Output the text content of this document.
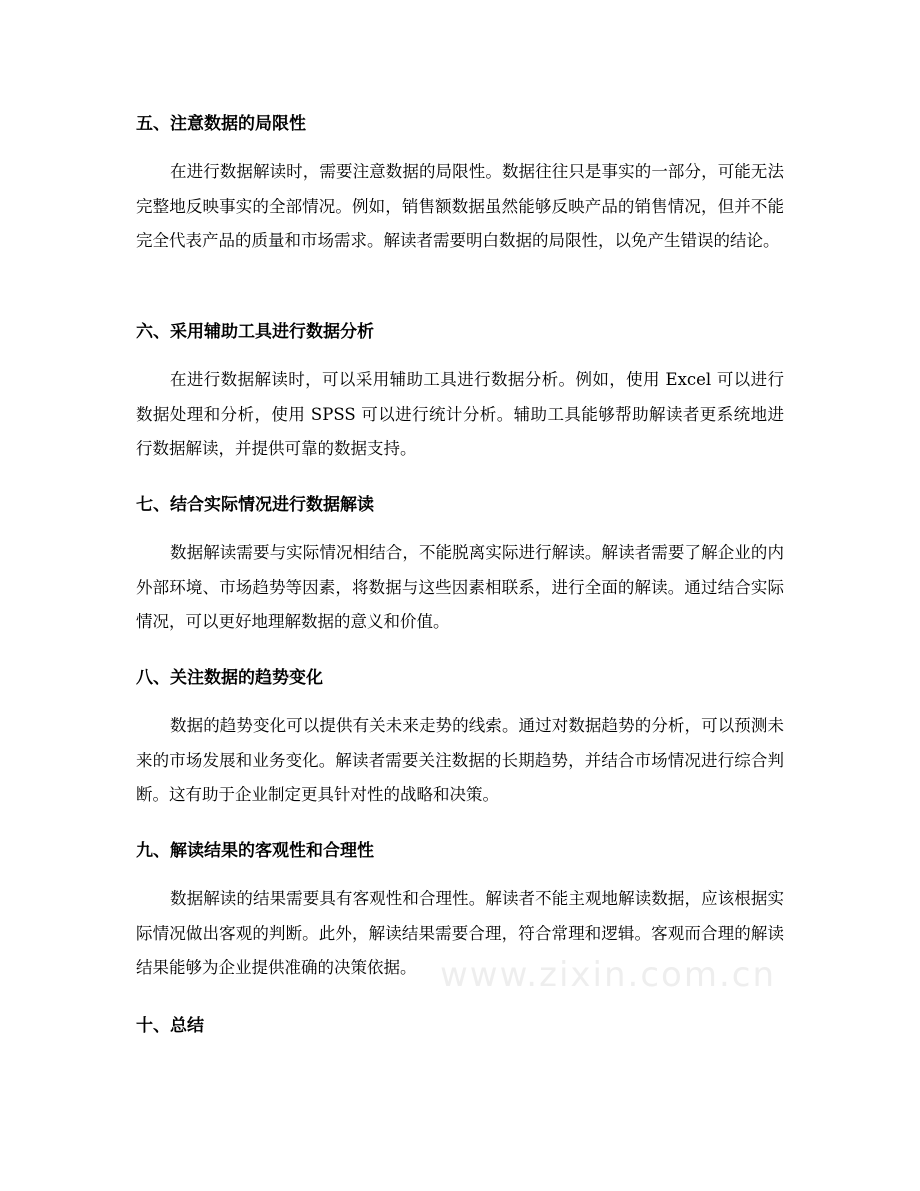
五、注意数据的局限性

在进行数据解读时，需要注意数据的局限性。数据往往只是事实的一部分，可能无法完整地反映事实的全部情况。例如，销售额数据虽然能够反映产品的销售情况，但并不能完全代表产品的质量和市场需求。解读者需要明白数据的局限性，以免产生错误的结论。

六、采用辅助工具进行数据分析

在进行数据解读时，可以采用辅助工具进行数据分析。例如，使用 Excel 可以进行数据处理和分析，使用 SPSS 可以进行统计分析。辅助工具能够帮助解读者更系统地进行数据解读，并提供可靠的数据支持。

七、结合实际情况进行数据解读

数据解读需要与实际情况相结合，不能脱离实际进行解读。解读者需要了解企业的内外部环境、市场趋势等因素，将数据与这些因素相联系，进行全面的解读。通过结合实际情况，可以更好地理解数据的意义和价值。

八、关注数据的趋势变化

数据的趋势变化可以提供有关未来走势的线索。通过对数据趋势的分析，可以预测未来的市场发展和业务变化。解读者需要关注数据的长期趋势，并结合市场情况进行综合判断。这有助于企业制定更具针对性的战略和决策。

九、解读结果的客观性和合理性

数据解读的结果需要具有客观性和合理性。解读者不能主观地解读数据，应该根据实际情况做出客观的判断。此外，解读结果需要合理，符合常理和逻辑。客观而合理的解读结果能够为企业提供准确的决策依据。

十、总结
www.zixin.com.cn
